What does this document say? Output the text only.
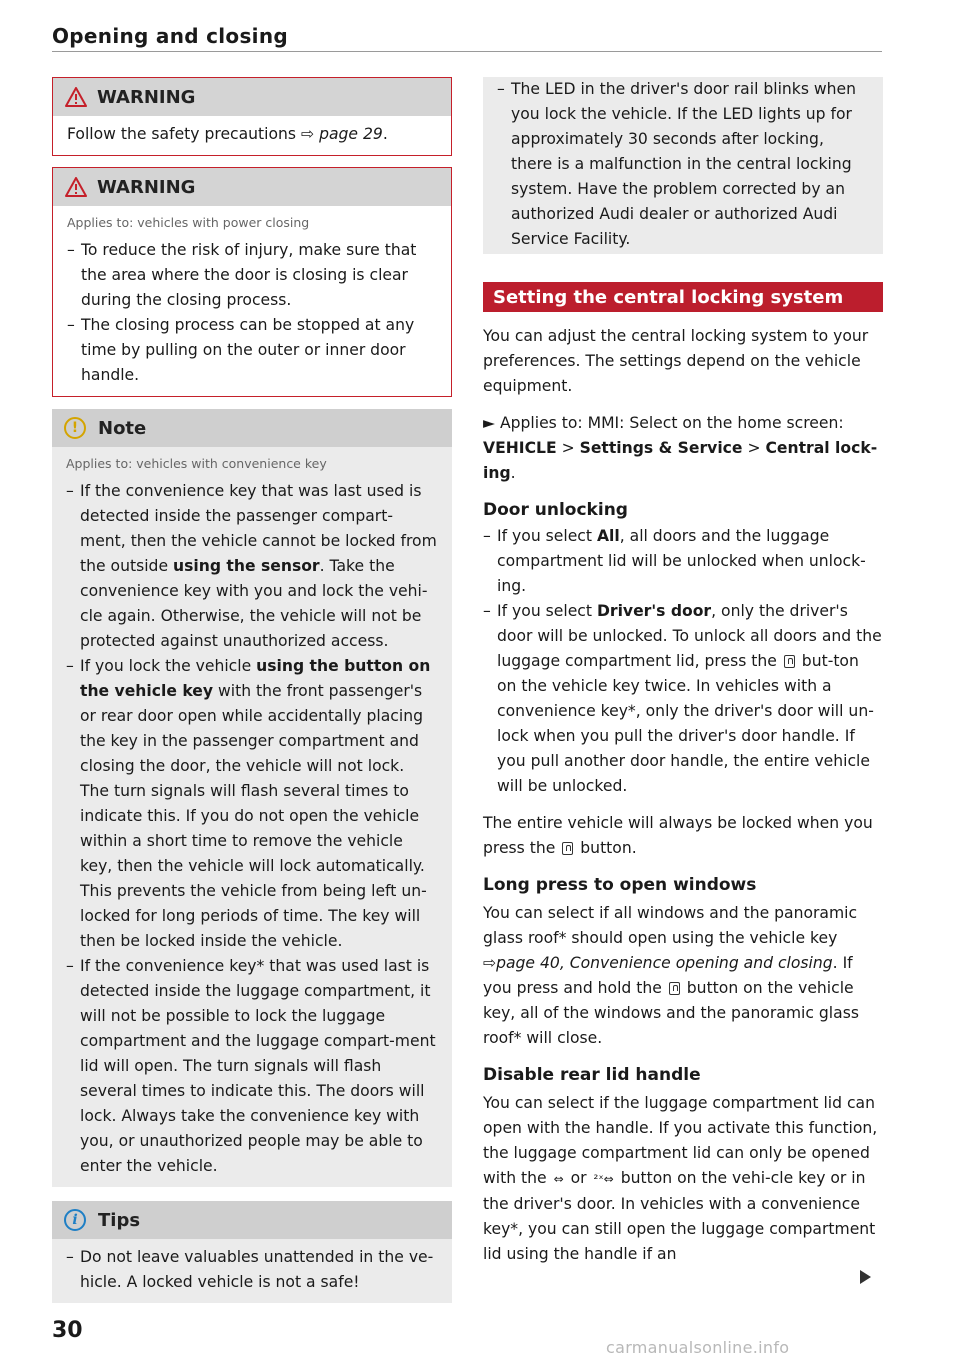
Opening and closing
WARNING
Follow the safety precautions ⇨ page 29.
WARNING
Applies to: vehicles with power closing
– To reduce the risk of injury, make sure that the area where the door is closing is clear during the closing process.
– The closing process can be stopped at any time by pulling on the outer or inner door handle.
!	Note
Applies to: vehicles with convenience key
– If the convenience key that was last used is detected inside the passenger compart-ment, then the vehicle cannot be locked from the outside using the sensor. Take the convenience key with you and lock the vehi-cle again. Otherwise, the vehicle will not be protected against unauthorized access.
– If you lock the vehicle using the button on the vehicle key with the front passenger's or rear door open while accidentally placing the key in the passenger compartment and closing the door, the vehicle will not lock. The turn signals will flash several times to indicate this. If you do not open the vehicle within a short time to remove the vehicle key, then the vehicle will lock automatically. This prevents the vehicle from being left un-locked for long periods of time. The key will then be locked inside the vehicle.
– If the convenience key* that was used last is detected inside the luggage compartment, it will not be possible to lock the luggage compartment and the luggage compart-ment lid will open. The turn signals will flash several times to indicate this. The doors will lock. Always take the convenience key with you, or unauthorized people may be able to enter the vehicle.
i	Tips
– Do not leave valuables unattended in the ve-hicle. A locked vehicle is not a safe!
– The LED in the driver's door rail blinks when you lock the vehicle. If the LED lights up for approximately 30 seconds after locking, there is a malfunction in the central locking system. Have the problem corrected by an authorized Audi dealer or authorized Audi Service Facility.
Setting the central locking system
You can adjust the central locking system to your preferences. The settings depend on the vehicle equipment.
► Applies to: MMI: Select on the home screen: VEHICLE > Settings & Service > Central lock-ing.
Door unlocking
– If you select All, all doors and the luggage compartment lid will be unlocked when unlock-ing.
– If you select Driver's door, only the driver's door will be unlocked. To unlock all doors and the luggage compartment lid, press the  but-ton on the vehicle key twice. In vehicles with a convenience key*, only the driver's door will un-lock when you pull the driver's door handle. If you pull another door handle, the entire vehicle will be unlocked.
The entire vehicle will always be locked when you press the  button.
Long press to open windows
You can select if all windows and the panoramic glass roof* should open using the vehicle key ⇨page 40, Convenience opening and closing. If you press and hold the  button on the vehicle key, all of the windows and the panoramic glass roof* will close.
Disable rear lid handle
You can select if the luggage compartment lid can open with the handle. If you activate this function, the luggage compartment lid can only be opened with the ⇔ or ²ˣ⇔ button on the vehi-cle key or in the driver's door. In vehicles with a convenience key*, you can still open the luggage compartment lid using the handle if an
30
carmanualsonline.info
